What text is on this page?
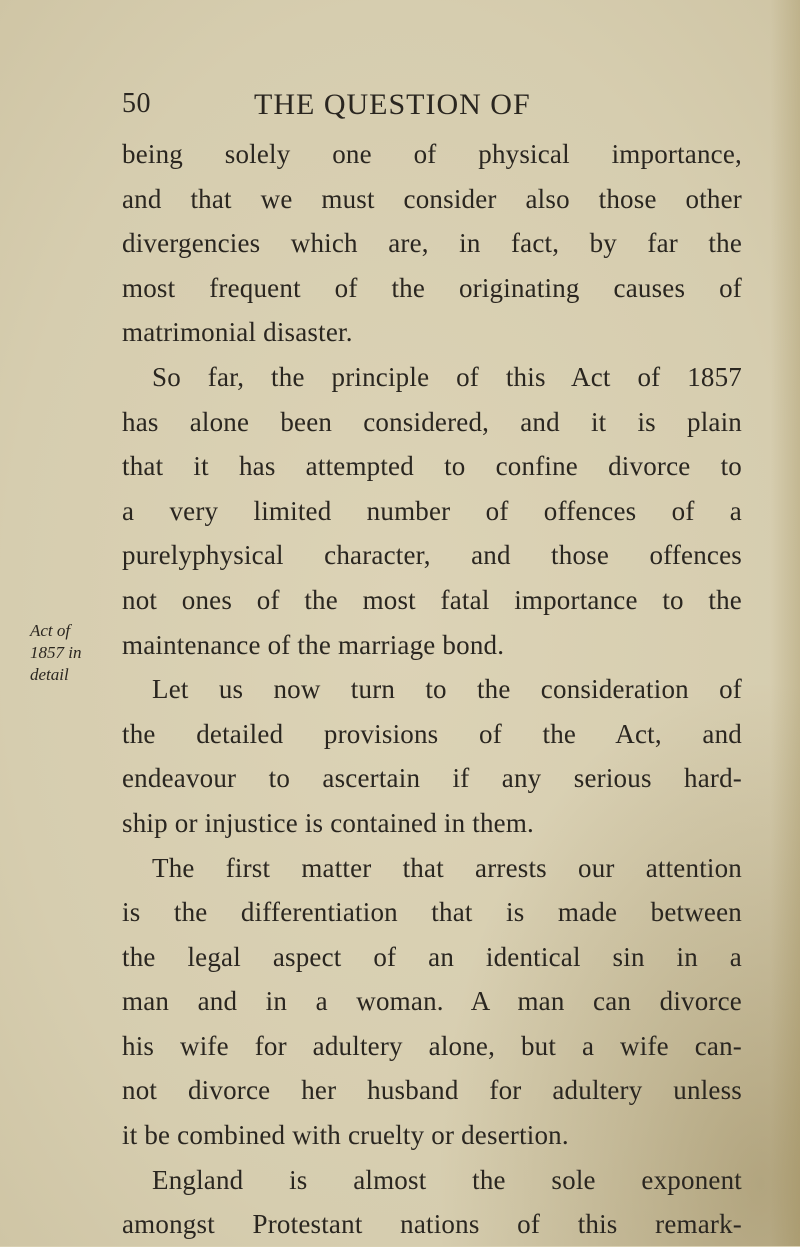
50	THE QUESTION OF
Act of
1857 in
detail
being solely one of physical importance,
and that we must consider also those other
divergencies which are, in fact, by far the
most frequent of the originating causes of
matrimonial disaster.
So far, the principle of this Act of 1857
has alone been considered, and it is plain
that it has attempted to confine divorce to
a very limited number of offences of a
purelyphysical character, and those offences
not ones of the most fatal importance to the
maintenance of the marriage bond.
Let us now turn to the consideration of
the detailed provisions of the Act, and
endeavour to ascertain if any serious hard-
ship or injustice is contained in them.
The first matter that arrests our attention
is the differentiation that is made between
the legal aspect of an identical sin in a
man and in a woman. A man can divorce
his wife for adultery alone, but a wife can-
not divorce her husband for adultery unless
it be combined with cruelty or desertion.
England is almost the sole exponent
amongst Protestant nations of this remark-
